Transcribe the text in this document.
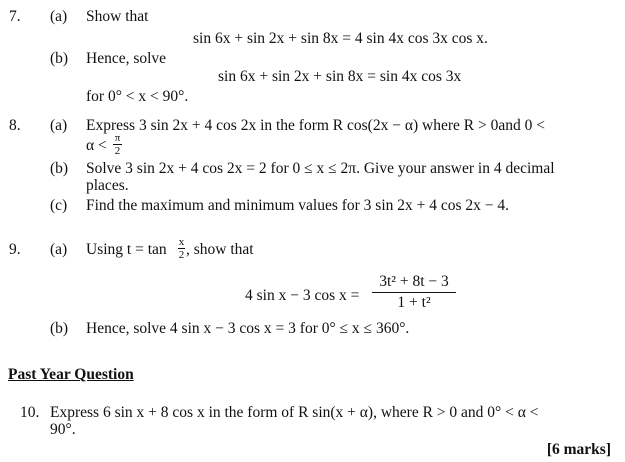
7. (a) Show that
sin 6x + sin 2x + sin 8x = 4 sin 4x cos 3x cos x.
(b) Hence, solve
sin 6x + sin 2x + sin 8x = sin 4x cos 3x
for 0° < x < 90°.
8. (a) Express 3 sin 2x + 4 cos 2x in the form R cos(2x − α) where R > 0and 0 <
α < π
2
(b) Solve 3 sin 2x + 4 cos 2x = 2 for 0 ≤ x ≤ 2π. Give your answer in 4 decimal
places.
(c) Find the maximum and minimum values for 3 sin 2x + 4 cos 2x − 4.
9. (a) Using t = tan x
2 , show that
4 sin x − 3 cos x =
3t² + 8t − 3
1 + t²
(b) Hence, solve 4 sin x − 3 cos x = 3 for 0° ≤ x ≤ 360°.
Past Year Question
10. Express 6 sin x + 8 cos x in the form of R sin(x + α), where R > 0 and 0° < α <
90°.
[6 marks]
